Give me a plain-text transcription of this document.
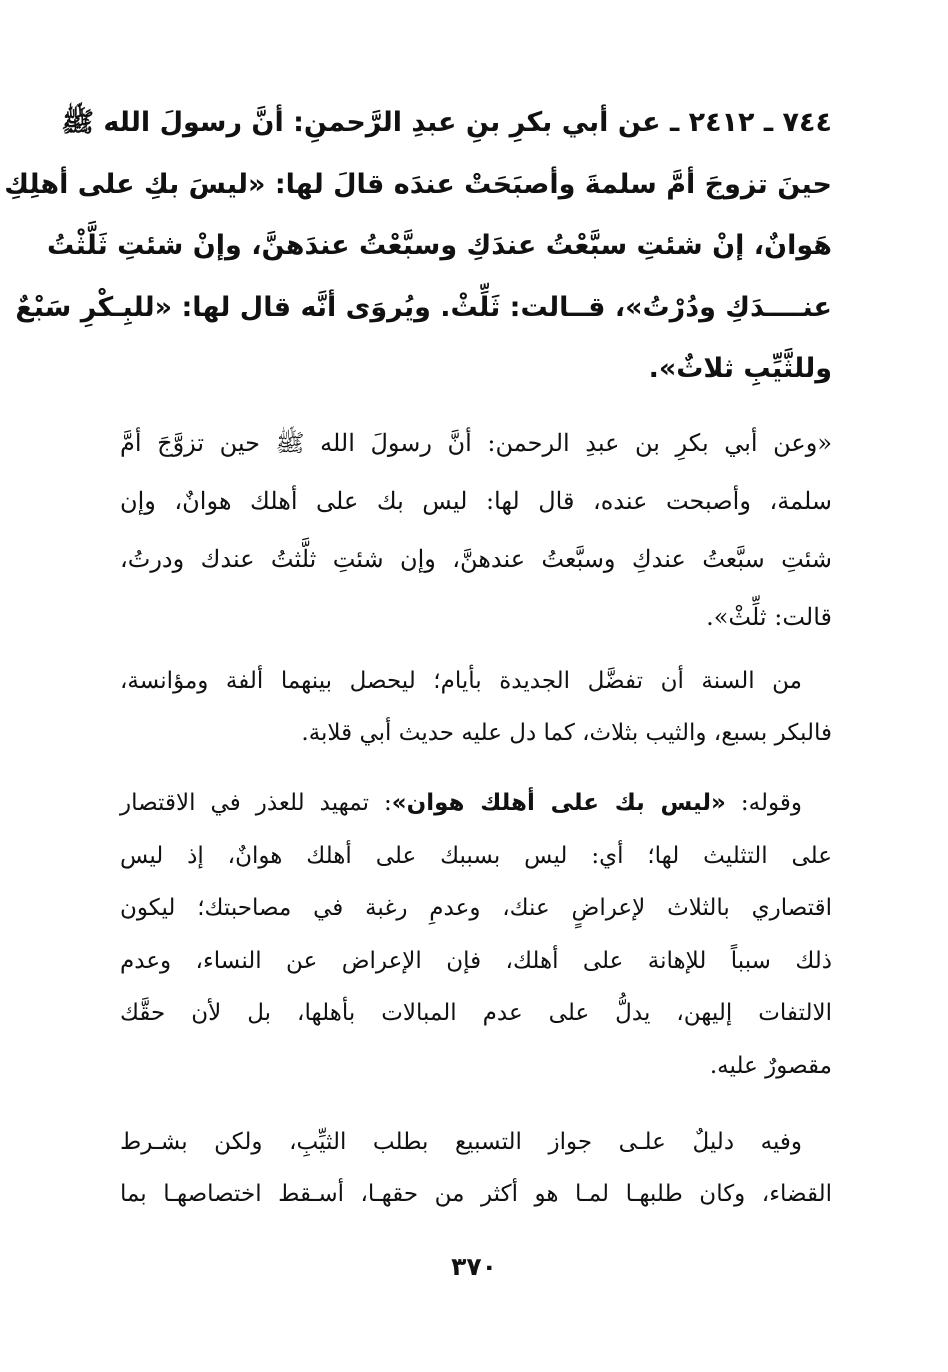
٧٤٤ ـ ٢٤١٢ ـ عن أبي بكرِ بنِ عبدِ الرَّحمنِ: أنَّ رسولَ الله ﷺ
حينَ تزوجَ أمَّ سلمةَ وأصبَحَتْ عندَه قالَ لها: «ليسَ بكِ على أهلِكِ
هَوانٌ، إنْ شئتِ سبَّعْتُ عندَكِ وسبَّعْتُ عندَهنَّ، وإنْ شئتِ ثَلَّثْتُ
عنــــدَكِ ودُرْتُ»، قــالت: ثَلِّثْ. ويُروَى أنَّه قال لها: «للبِـكْرِ سَبْعٌ
وللثَّيِّبِ ثلاثٌ».
«وعن أبي بكرِ بن عبدِ الرحمن: أنَّ رسولَ الله ﷺ حين تزوَّجَ أمَّ
سلمة، وأصبحت عنده، قال لها: ليس بك على أهلك هوانٌ، وإن
شئتِ سبَّعتُ عندكِ وسبَّعتُ عندهنَّ، وإن شئتِ ثلَّثتُ عندك ودرتُ،
قالت: ثلِّثْ».
من السنة أن تفضَّل الجديدة بأيام؛ ليحصل بينهما ألفة ومؤانسة،
فالبكر بسبع، والثيب بثلاث، كما دل عليه حديث أبي قلابة.
وقوله: «ليس بك على أهلك هوان»: تمهيد للعذر في الاقتصار
على التثليث لها؛ أي: ليس بسببك على أهلك هوانٌ، إذ ليس
اقتصاري بالثلاث لإعراضٍ عنك، وعدمِ رغبة في مصاحبتك؛ ليكون
ذلك سبباً للإهانة على أهلك، فإن الإعراض عن النساء، وعدم
الالتفات إليهن، يدلُّ على عدم المبالات بأهلها، بل لأن حقَّك
مقصورٌ عليه.
وفيه دليلٌ علـى جواز التسبيع بطلب الثيِّبِ، ولكن بشـرط
القضاء، وكان طلبهـا لمـا هو أكثر من حقهـا، أسـقط اختصاصهـا بما
٣٧٠
